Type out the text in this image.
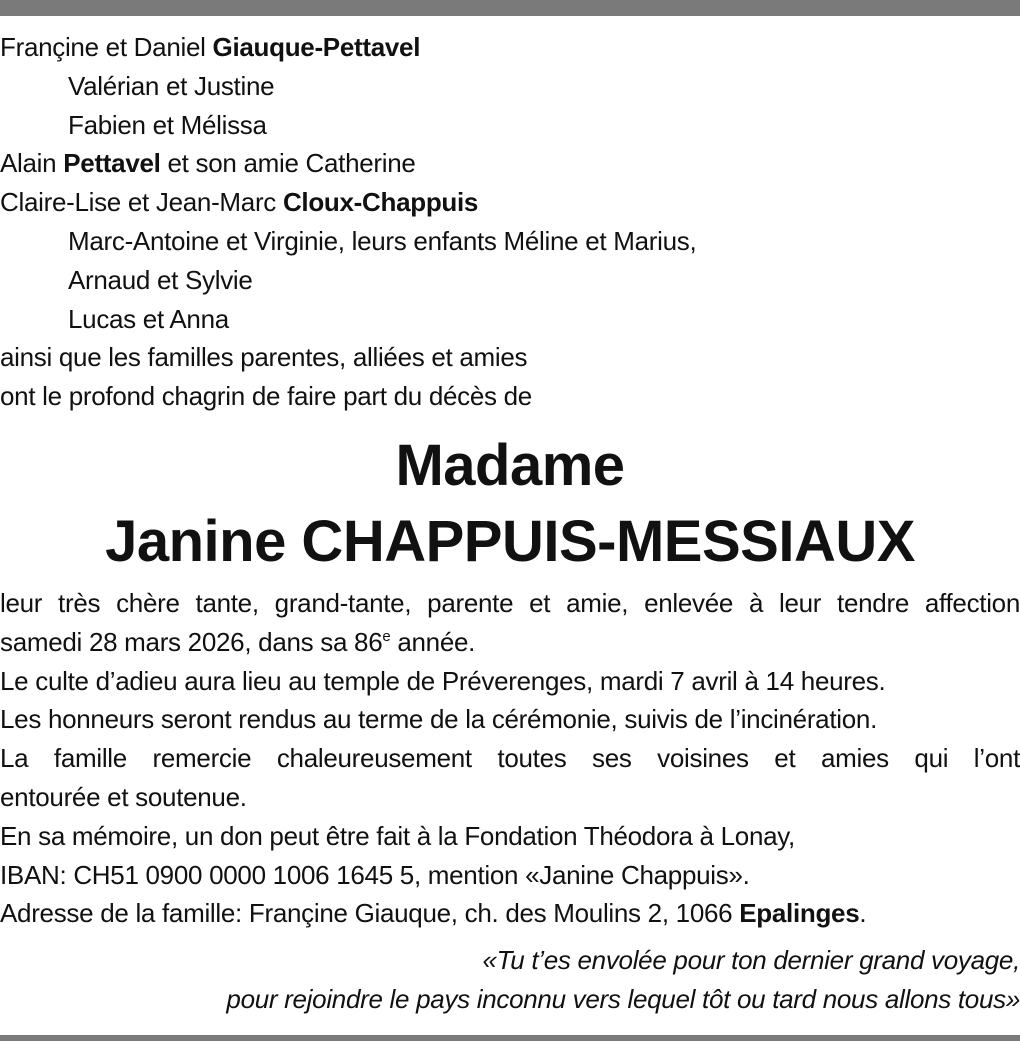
Françine et Daniel Giauque-Pettavel
Valérian et Justine
Fabien et Mélissa
Alain Pettavel et son amie Catherine
Claire-Lise et Jean-Marc Cloux-Chappuis
Marc-Antoine et Virginie, leurs enfants Méline et Marius,
Arnaud et Sylvie
Lucas et Anna
ainsi que les familles parentes, alliées et amies
ont le profond chagrin de faire part du décès de
Madame
Janine CHAPPUIS-MESSIAUX
leur très chère tante, grand-tante, parente et amie, enlevée à leur tendre affection
samedi 28 mars 2026, dans sa 86e année.
Le culte d’adieu aura lieu au temple de Préverenges, mardi 7 avril à 14 heures.
Les honneurs seront rendus au terme de la cérémonie, suivis de l’incinération.
La famille remercie chaleureusement toutes ses voisines et amies qui l’ont
entourée et soutenue.
En sa mémoire, un don peut être fait à la Fondation Théodora à Lonay,
IBAN: CH51 0900 0000 1006 1645 5, mention «Janine Chappuis».
Adresse de la famille: Françine Giauque, ch. des Moulins 2, 1066 Epalinges.
«Tu t’es envolée pour ton dernier grand voyage,
pour rejoindre le pays inconnu vers lequel tôt ou tard nous allons tous»
